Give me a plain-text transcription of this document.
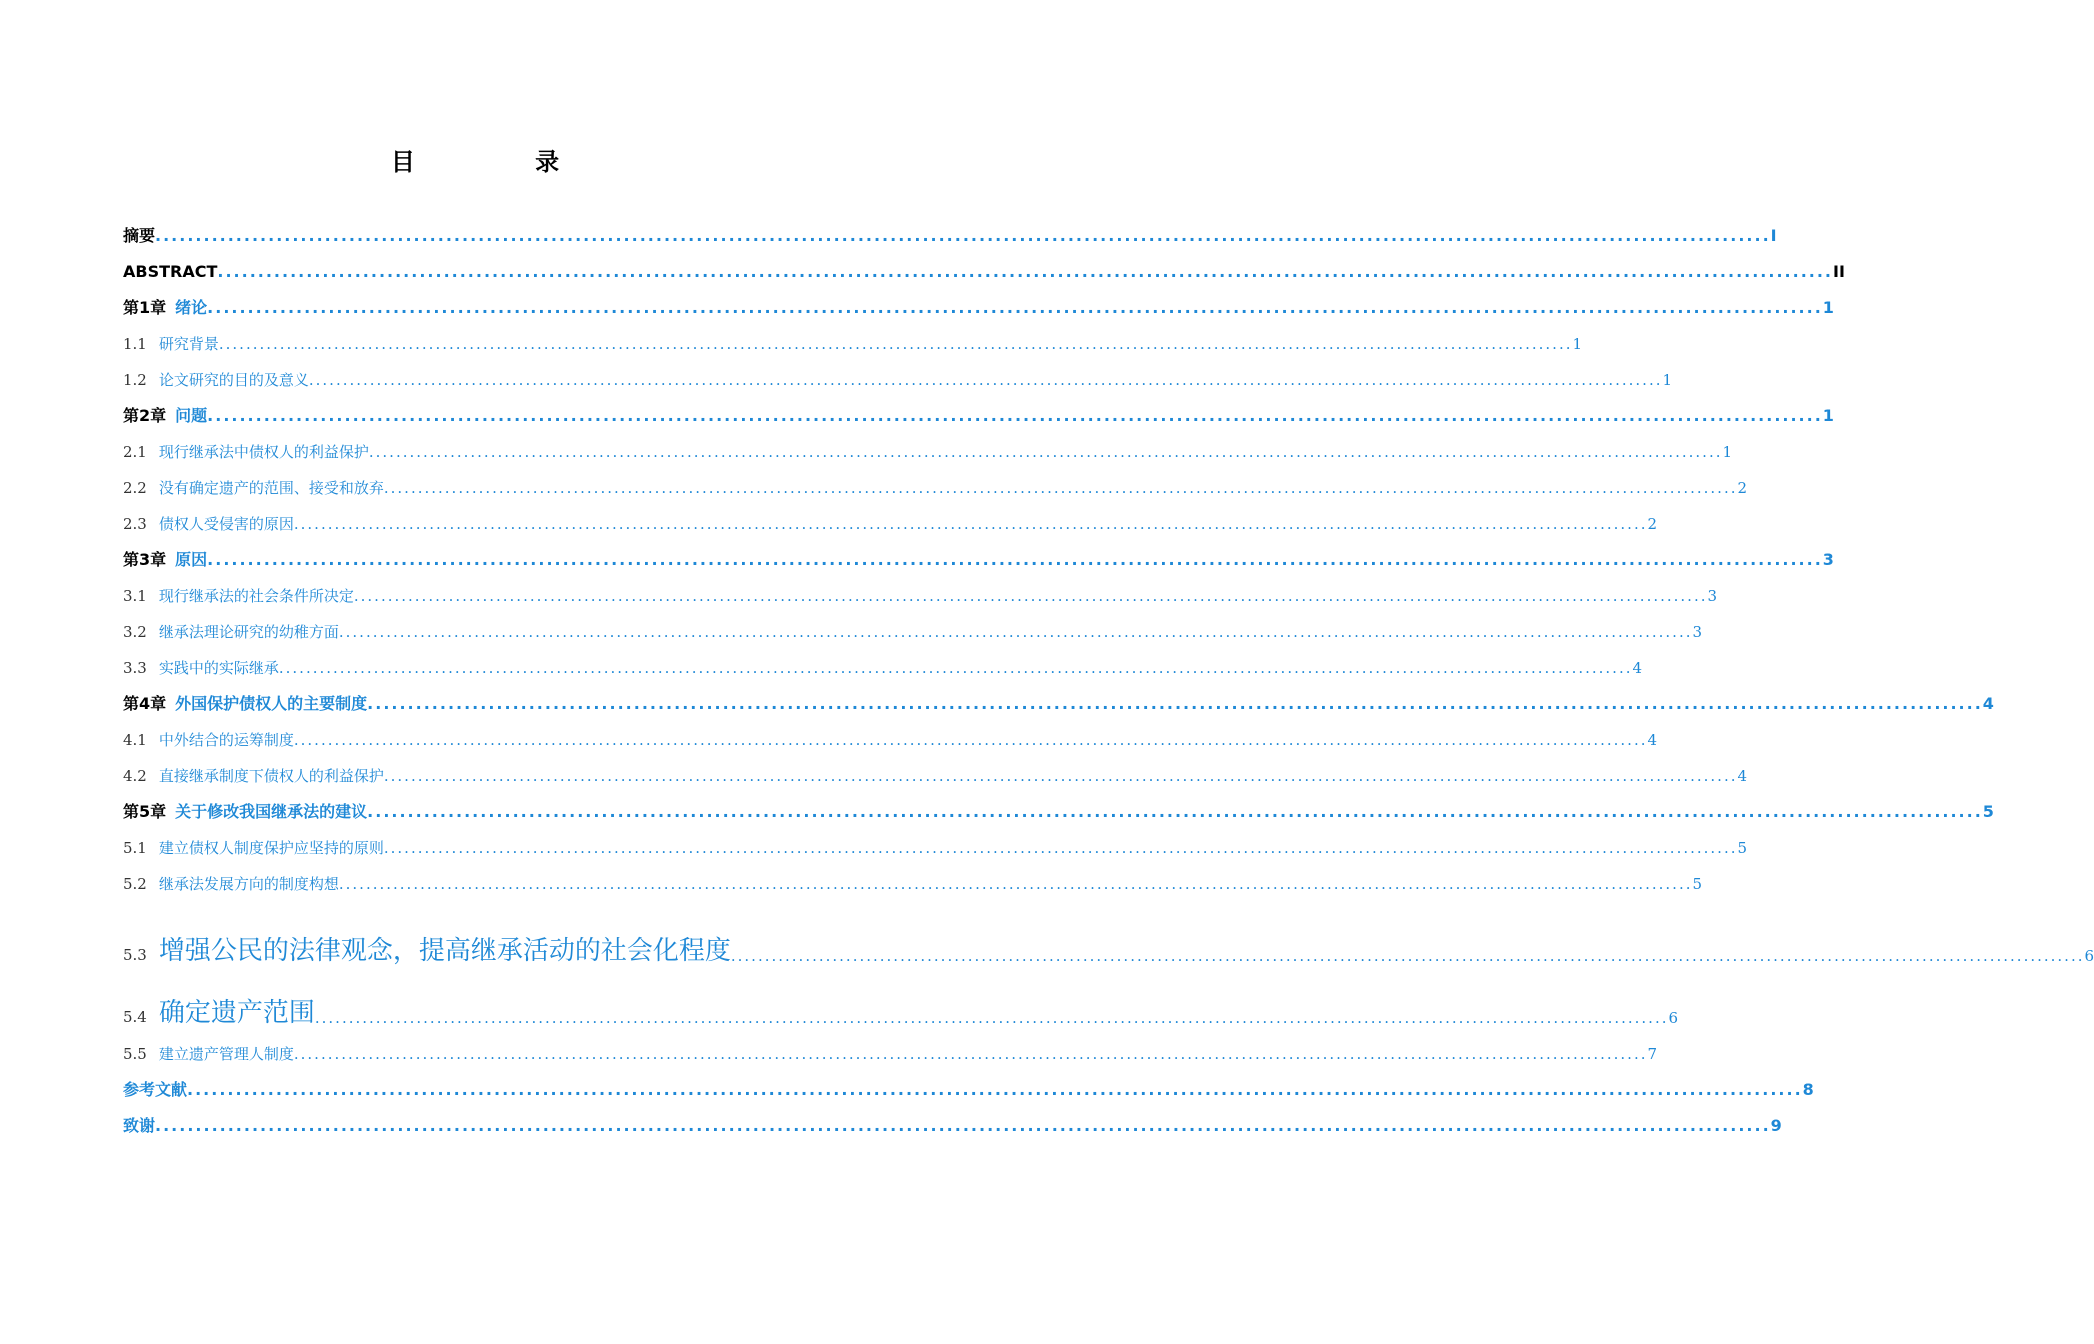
目 录
摘要 ........................................................................................................................................................................................................ I
ABSTRACT ........................................................................................................................................................................................................ II
第1章 绪论 ........................................................................................................................................................................................................ 1
1.1 研究背景 ........................................................................................................................................................................................................ 1
1.2 论文研究的目的及意义 ........................................................................................................................................................................................................ 1
第2章 问题 ........................................................................................................................................................................................................ 1
2.1 现行继承法中债权人的利益保护 ........................................................................................................................................................................................................ 1
2.2 没有确定遗产的范围、接受和放弃 ........................................................................................................................................................................................................ 2
2.3 债权人受侵害的原因 ........................................................................................................................................................................................................ 2
第3章 原因 ........................................................................................................................................................................................................ 3
3.1 现行继承法的社会条件所决定 ........................................................................................................................................................................................................ 3
3.2 继承法理论研究的幼稚方面 ........................................................................................................................................................................................................ 3
3.3 实践中的实际继承 ........................................................................................................................................................................................................ 4
第4章 外国保护债权人的主要制度 ........................................................................................................................................................................................................ 4
4.1 中外结合的运筹制度 ........................................................................................................................................................................................................ 4
4.2 直接继承制度下债权人的利益保护 ........................................................................................................................................................................................................ 4
第5章 关于修改我国继承法的建议 ........................................................................................................................................................................................................ 5
5.1 建立债权人制度保护应坚持的原则 ........................................................................................................................................................................................................ 5
5.2 继承法发展方向的制度构想 ........................................................................................................................................................................................................ 5
5.3 增强公民的法律观念，提高继承活动的社会化程度 ........................................................................................................................................................................................................ 6
5.4 确定遗产范围 ........................................................................................................................................................................................................ 6
5.5 建立遗产管理人制度 ........................................................................................................................................................................................................ 7
参考文献 ........................................................................................................................................................................................................ 8
致谢 ........................................................................................................................................................................................................ 9
